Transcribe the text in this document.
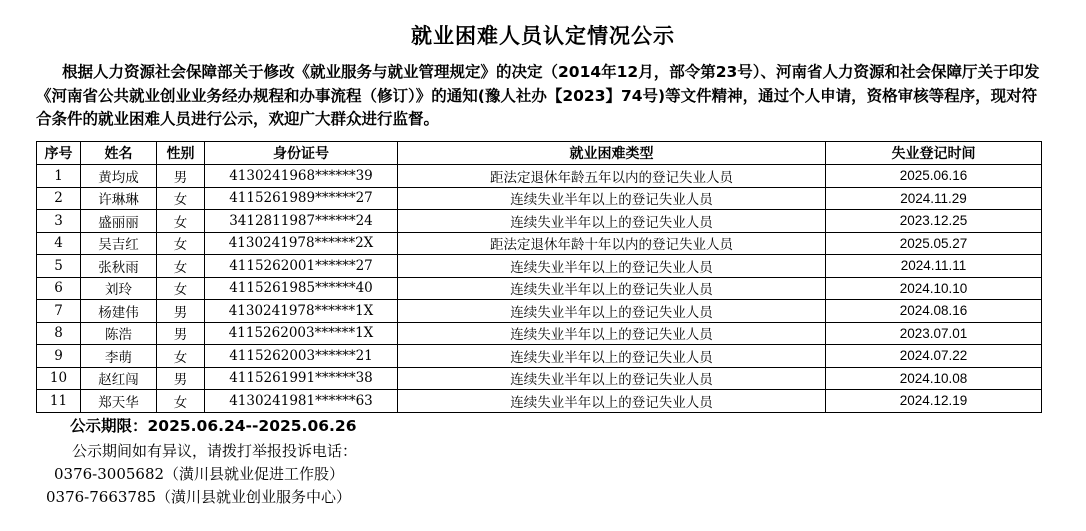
就业困难人员认定情况公示

根据人力资源社会保障部关于修改《就业服务与就业管理规定》的决定（2014年12月，部令第23号）、河南省人力资源和社会保障厅关于印发《河南省公共就业创业业务经办规程和办事流程（修订）》的通知(豫人社办【2023】74号)等文件精神，通过个人申请，资格审核等程序，现对符合条件的就业困难人员进行公示，欢迎广大群众进行监督。

序号	姓名	性别	身份证号	就业困难类型	失业登记时间
1	黄均成	男	4130241968******39	距法定退休年龄五年以内的登记失业人员	2025.06.16
2	许琳琳	女	4115261989******27	连续失业半年以上的登记失业人员	2024.11.29
3	盛丽丽	女	3412811987******24	连续失业半年以上的登记失业人员	2023.12.25
4	吴吉红	女	4130241978******2X	距法定退休年龄十年以内的登记失业人员	2025.05.27
5	张秋雨	女	4115262001******27	连续失业半年以上的登记失业人员	2024.11.11
6	刘玲	女	4115261985******40	连续失业半年以上的登记失业人员	2024.10.10
7	杨建伟	男	4130241978******1X	连续失业半年以上的登记失业人员	2024.08.16
8	陈浩	男	4115262003******1X	连续失业半年以上的登记失业人员	2023.07.01
9	李萌	女	4115262003******21	连续失业半年以上的登记失业人员	2024.07.22
10	赵红闯	男	4115261991******38	连续失业半年以上的登记失业人员	2024.10.08
11	郑天华	女	4130241981******63	连续失业半年以上的登记失业人员	2024.12.19
公示期限：2025.06.24--2025.06.26
公示期间如有异议，请拨打举报投诉电话：
0376-3005682（潢川县就业促进工作股）
0376-7663785（潢川县就业创业服务中心）
